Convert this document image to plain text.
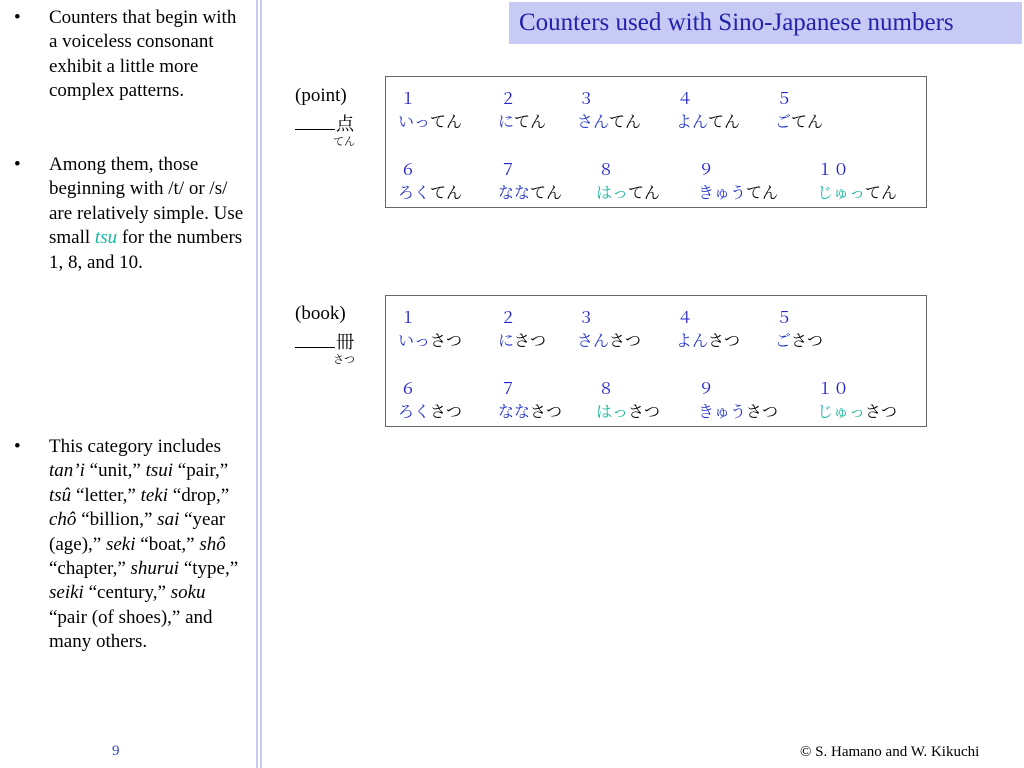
•	Counters that begin with a voiceless consonant exhibit a little more complex patterns.
•	Among them, those beginning with /t/ or /s/ are relatively simple. Use small tsu for the numbers 1, 8, and 10.
•	This category includes tan’i “unit,” tsui “pair,” tsû “letter,” teki “drop,” chô “billion,” sai “year (age),” seki “boat,” shô “chapter,” shurui “type,” seiki “century,” soku “pair (of shoes),” and many others.
9
Counters used with Sino-Japanese numbers
(point)
点
てん
１	２	３	４	５
いってん にてん さんてん よんてん ごてん
６	７	８	９	１０
ろくてん ななてん はってん きゅうてん じゅってん
(book)
冊
さつ
１	２	３	４	５
いっさつ にさつ さんさつ よんさつ ごさつ
６	７	８	９	１０
ろくさつ ななさつ はっさつ きゅうさつ じゅっさつ
© S. Hamano and W. Kikuchi
